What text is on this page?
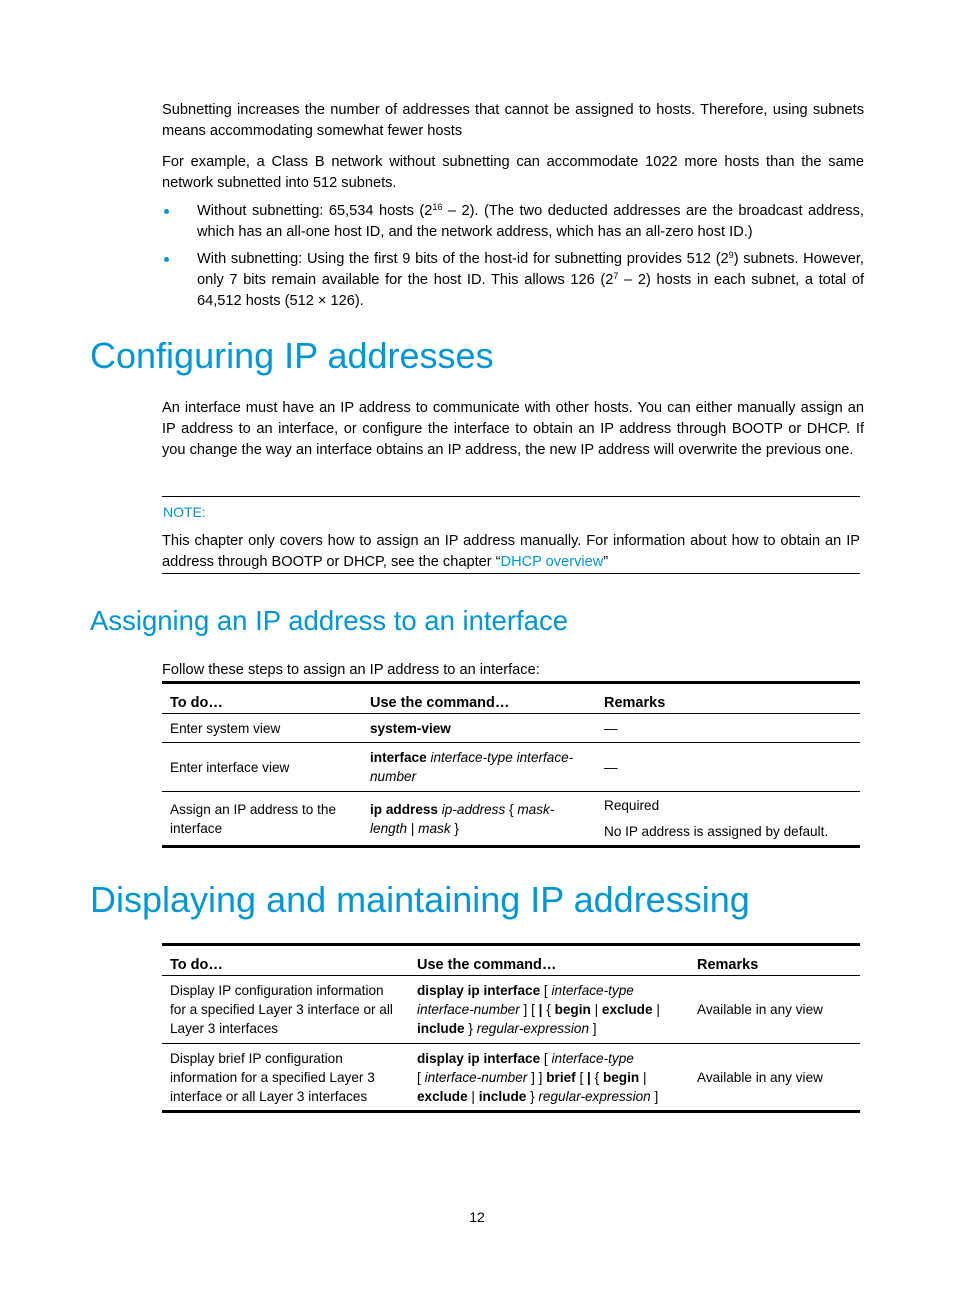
Subnetting increases the number of addresses that cannot be assigned to hosts. Therefore, using subnets means accommodating somewhat fewer hosts
For example, a Class B network without subnetting can accommodate 1022 more hosts than the same network subnetted into 512 subnets.
Without subnetting: 65,534 hosts $(2^{16} - 2)$. (The two deducted addresses are the broadcast address, which has an all-one host ID, and the network address, which has an all-zero host ID.)
With subnetting: Using the first 9 bits of the host-id for subnetting provides 512 $(2^9)$ subnets. However, only 7 bits remain available for the host ID. This allows 126 $(2^7 - 2)$ hosts in each subnet, a total of 64,512 hosts (512 × 126).
Configuring IP addresses
An interface must have an IP address to communicate with other hosts. You can either manually assign an IP address to an interface, or configure the interface to obtain an IP address through BOOTP or DHCP. If you change the way an interface obtains an IP address, the new IP address will overwrite the previous one.
NOTE:
This chapter only covers how to assign an IP address manually. For information about how to obtain an IP address through BOOTP or DHCP, see the chapter “DHCP overview”
Assigning an IP address to an interface
Follow these steps to assign an IP address to an interface:
To do…	Use the command…	Remarks
Enter system view	system-view	—
Enter interface view	interface interface-type interface-number	—
Assign an IP address to the interface	ip address ip-address { mask-length | mask }	Required
No IP address is assigned by default.
Displaying and maintaining IP addressing
To do…	Use the command…	Remarks
Display IP configuration information for a specified Layer 3 interface or all Layer 3 interfaces	display ip interface [ interface-type interface-number ] [ | { begin | exclude | include } regular-expression ]	Available in any view
Display brief IP configuration information for a specified Layer 3 interface or all Layer 3 interfaces	display ip interface [ interface-type
[ interface-number ] ] brief [ | { begin |
exclude | include } regular-expression ]	Available in any view
12
